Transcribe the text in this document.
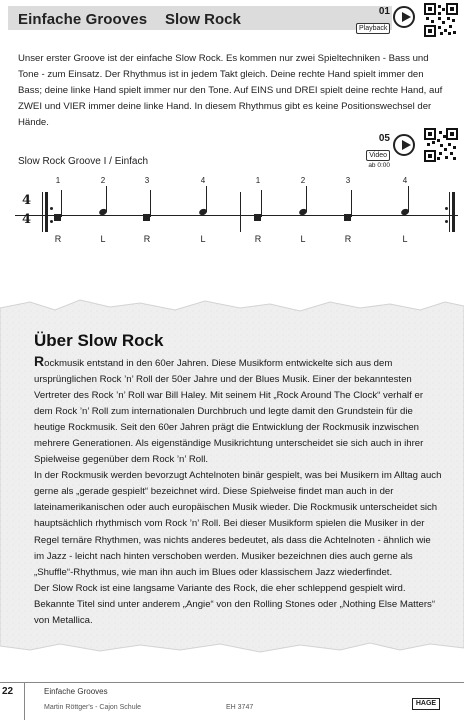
Einfache Grooves Slow Rock	01
Playback
Unser erster Groove ist der einfache Slow Rock. Es kommen nur zwei Spieltechniken - Bass und Tone - zum Einsatz. Der Rhythmus ist in jedem Takt gleich. Deine rechte Hand spielt immer den Bass; deine linke Hand spielt immer nur den Tone. Auf EINS und DREI spielt deine rechte Hand, auf ZWEI und VIER immer deine linke Hand. In diesem Rhythmus gibt es keine Positionswechsel der Hände.
Slow Rock Groove I / Einfach
05
Video
ab 0:00
4
4
1	2	3	4	1	2	3	4
R	L	R	L	R	L	R	L
Über Slow Rock

Rockmusik entstand in den 60er Jahren. Diese Musikform entwickelte sich aus dem ursprünglichen Rock ’n’ Roll der 50er Jahre und der Blues Musik. Einer der bekanntesten Vertreter des Rock ’n’ Roll war Bill Haley. Mit seinem Hit „Rock Around The Clock“ verhalf er dem Rock ’n’ Roll zum internationalen Durchbruch und legte damit den Grundstein für die heutige Rockmusik. Seit den 60er Jahren prägt die Entwicklung der Rockmusik inzwischen mehrere Generationen. Als eigenständige Musikrichtung unterscheidet sie sich auch in ihrer Spielweise gegenüber dem Rock ’n’ Roll.

In der Rockmusik werden bevorzugt Achtelnoten binär gespielt, was bei Musikern im Alltag auch gerne als „gerade gespielt“ bezeichnet wird. Diese Spielweise findet man auch in der lateinamerikanischen oder auch europäischen Musik wieder. Die Rockmusik unterscheidet sich hauptsächlich rhythmisch vom Rock ’n’ Roll. Bei dieser Musikform spielen die Musiker in der Regel ternäre Rhythmen, was nichts anderes bedeutet, als dass die Achtelnoten - ähnlich wie im Jazz - leicht nach hinten verschoben werden. Musiker bezeichnen dies auch gerne als „Shuffle“-Rhythmus, wie man ihn auch im Blues oder klassischem Jazz wiederfindet.

Der Slow Rock ist eine langsame Variante des Rock, die eher schleppend gespielt wird. Bekannte Titel sind unter anderem „Angie“ von den Rolling Stones oder „Nothing Else Matters“ von Metallica.

22	Einfache Grooves
Martin Röttger's - Cajon Schule	EH 3747
HAGE
